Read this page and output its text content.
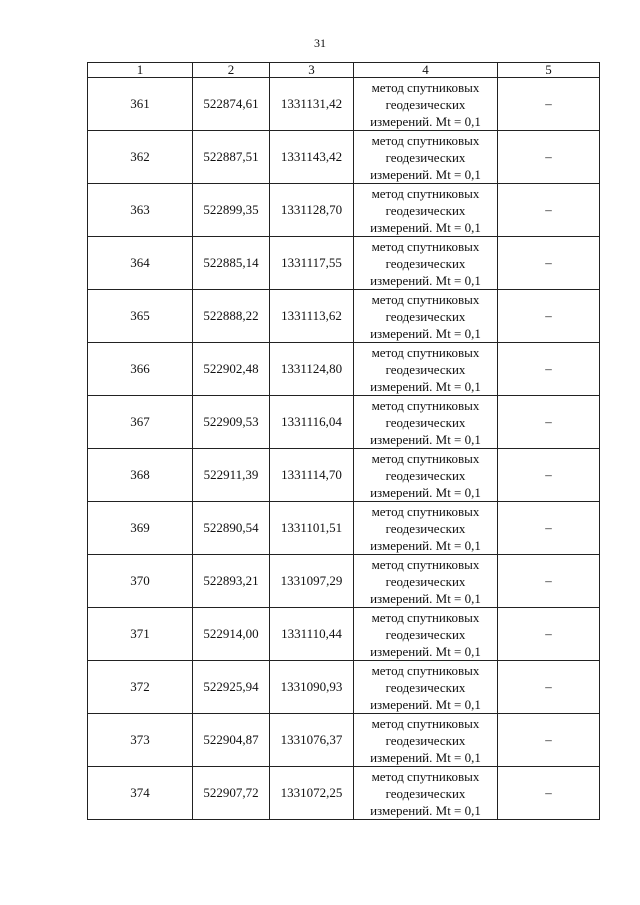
31
1	2	3	4	5
361	522874,61	1331131,42	метод спутниковых
геодезических
измерений. Mt = 0,1	–
362	522887,51	1331143,42	метод спутниковых
геодезических
измерений. Mt = 0,1	–
363	522899,35	1331128,70	метод спутниковых
геодезических
измерений. Mt = 0,1	–
364	522885,14	1331117,55	метод спутниковых
геодезических
измерений. Mt = 0,1	–
365	522888,22	1331113,62	метод спутниковых
геодезических
измерений. Mt = 0,1	–
366	522902,48	1331124,80	метод спутниковых
геодезических
измерений. Mt = 0,1	–
367	522909,53	1331116,04	метод спутниковых
геодезических
измерений. Mt = 0,1	–
368	522911,39	1331114,70	метод спутниковых
геодезических
измерений. Mt = 0,1	–
369	522890,54	1331101,51	метод спутниковых
геодезических
измерений. Mt = 0,1	–
370	522893,21	1331097,29	метод спутниковых
геодезических
измерений. Mt = 0,1	–
371	522914,00	1331110,44	метод спутниковых
геодезических
измерений. Mt = 0,1	–
372	522925,94	1331090,93	метод спутниковых
геодезических
измерений. Mt = 0,1	–
373	522904,87	1331076,37	метод спутниковых
геодезических
измерений. Mt = 0,1	–
374	522907,72	1331072,25	метод спутниковых
геодезических
измерений. Mt = 0,1	–
